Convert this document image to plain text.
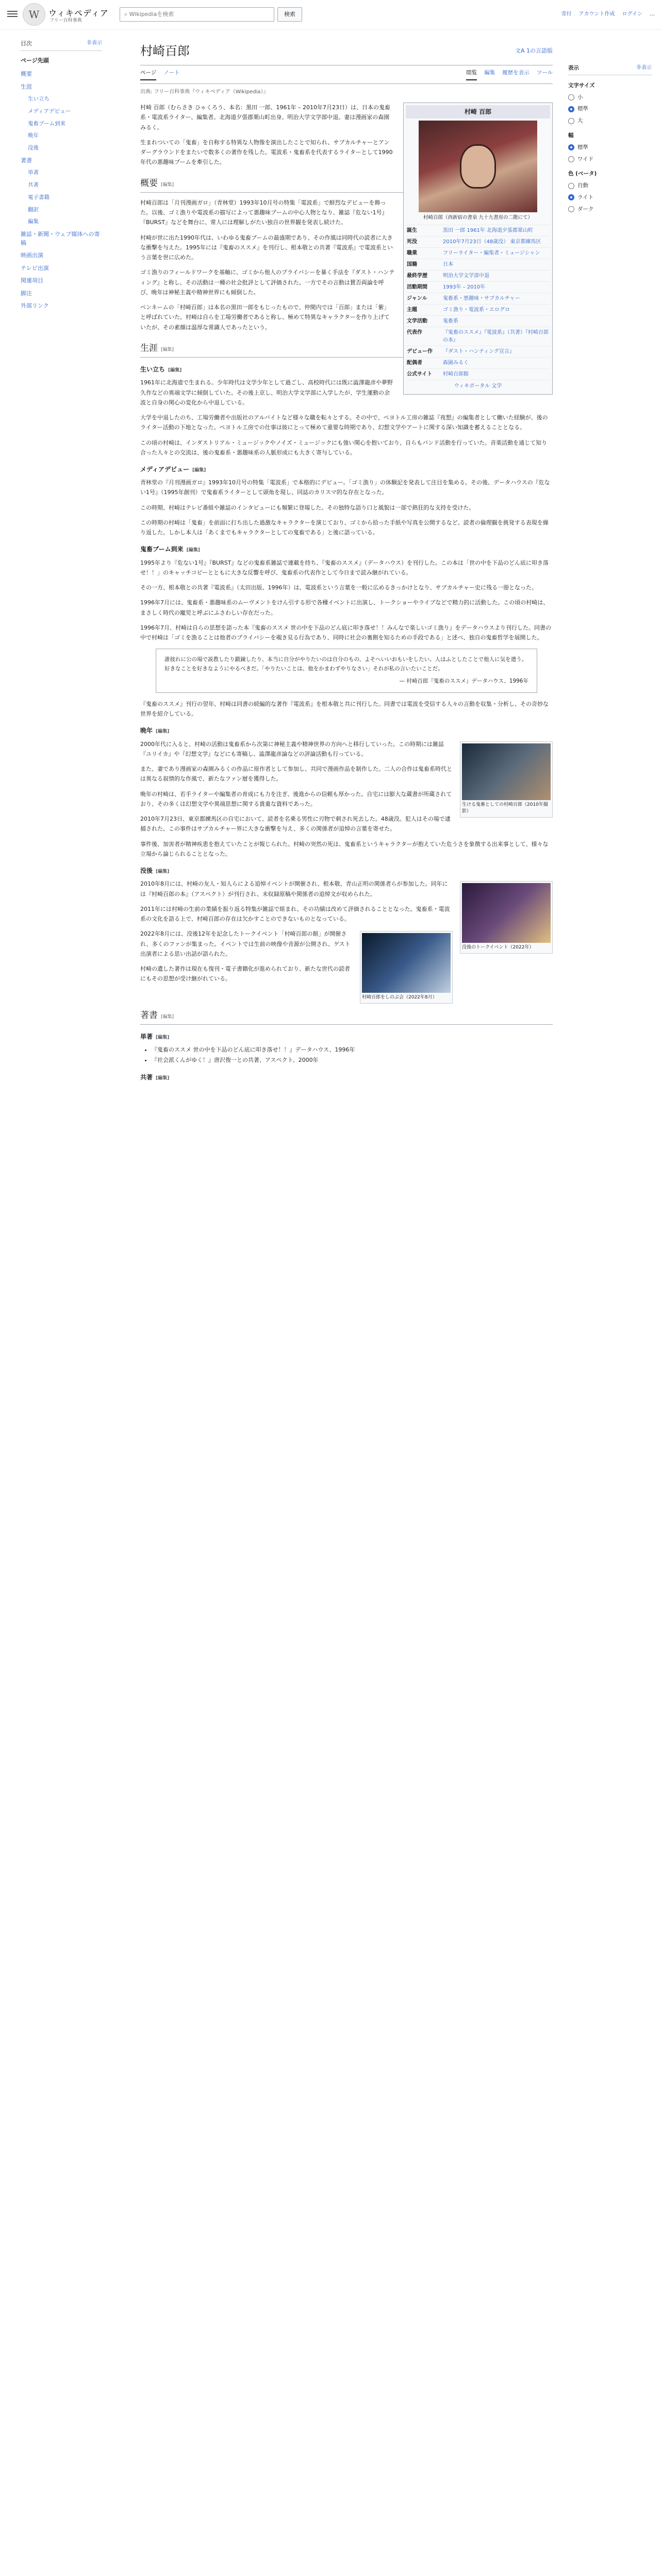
W	ウィキペディア
フリー百科事典
⌕ Wikipediaを検索	検索	寄付 アカウント作成 ログイン …
目次	非表示
ページ先頭
概要
生涯
生い立ち
メディアデビュー
鬼畜ブーム到来
晩年
没後
著書
単著
共著
電子書籍
翻訳
編集
雑誌・新聞・ウェブ媒体への寄稿
映画出演
テレビ出演
関連項目
脚注
外部リンク
表示	非表示
文字サイズ
小
標準
大
幅
標準
ワイド
色 (ベータ)
自動
ライト
ダーク
村崎百郎	文A 1の言語版
ページ ノート	閲覧 編集 履歴を表示 ツール
出典: フリー百科事典『ウィキペディア（Wikipedia）』
村崎 百郎
村崎百郎（西新宿の書泉 九十九書房の二階にて）
誕生	黒田 一郎 1961年 北海道夕張郡栗山町
死没	2010年7月23日（48歳没） 東京都練馬区
職業	フリーライター・編集者・ミュージシャン
国籍	日本
最終学歴	明治大学文学部中退
活動期間	1993年 – 2010年
ジャンル	鬼畜系・悪趣味・サブカルチャー
主題	ゴミ漁り・電波系・エログロ
文学活動	鬼畜系
代表作	『鬼畜のススメ』『電波系』（共著）『村崎百郎の本』
デビュー作	『ダスト・ハンティング宣言』
配偶者	森園みるく
公式サイト	村崎百郎館
ウィキポータル 文学

村崎 百郎（むらさき ひゃくろう、本名：黒田 一郎、1961年 – 2010年7月23日）は、日本の鬼畜系・電波系ライター、編集者。北海道夕張郡栗山町出身。明治大学文学部中退。妻は漫画家の森園みるく。

生まれついての「鬼畜」を自称する特異な人物像を演出したことで知られ、サブカルチャーとアンダーグラウンドをまたいで数多くの著作を残した。電波系・鬼畜系を代表するライターとして1990年代の悪趣味ブームを牽引した。

概要 [編集]

村崎百郎は「月刊漫画ガロ」（青林堂）1993年10月号の特集「電波系」で鮮烈なデビューを飾った。以後、ゴミ漁りや電波系の描写によって悪趣味ブームの中心人物となり、雑誌『危ない1号』『BURST』などを舞台に、常人には理解しがたい独自の世界観を発表し続けた。

村崎が世に出た1990年代は、いわゆる鬼畜ブームの最盛期であり、その作風は同時代の読者に大きな衝撃を与えた。1995年には『鬼畜のススメ』を刊行し、根本敬との共著『電波系』で電波系という言葉を世に広めた。

ゴミ漁りのフィールドワークを基軸に、ゴミから他人のプライバシーを暴く手法を『ダスト・ハンティング』と称し、その活動は一種の社会批評として評価された。一方でその言動は賛否両論を呼び、晩年は神秘主義や精神世界にも傾倒した。

ペンネームの「村崎百郎」は本名の黒田一郎をもじったもので、仲間内では「百郎」または「紫」と呼ばれていた。村崎は自らを工場労働者であると称し、極めて特異なキャラクターを作り上げていたが、その素顔は温厚な常識人であったという。

生涯 [編集]
生い立ち [編集]

1961年に北海道で生まれる。少年時代は文学少年として過ごし、高校時代には既に澁澤龍彦や夢野久作などの異端文学に傾倒していた。その後上京し、明治大学文学部に入学したが、学生運動の余波と自身の関心の変化から中退している。

大学を中退したのち、工場労働者や出版社のアルバイトなど様々な職を転々とする。その中で、ペヨトル工房の雑誌『夜想』の編集者として働いた経験が、後のライター活動の下地となった。ペヨトル工房での仕事は彼にとって極めて重要な時期であり、幻想文学やアートに関する深い知識を蓄えることとなる。

この頃の村崎は、インダストリアル・ミュージックやノイズ・ミュージックにも強い関心を抱いており、自らもバンド活動を行っていた。音楽活動を通じて知り合った人々との交流は、後の鬼畜系・悪趣味系の人脈形成にも大きく寄与している。

メディアデビュー [編集]

青林堂の『月刊漫画ガロ』1993年10月号の特集「電波系」で本格的にデビュー。「ゴミ漁り」の体験記を発表して注目を集める。その後、データハウスの『危ない1号』（1995年創刊）で鬼畜系ライターとして頭角を現し、同誌のカリスマ的な存在となった。

この時期、村崎はテレビ番組や雑誌のインタビューにも頻繁に登場した。その独特な語り口と風貌は一部で熱狂的な支持を受けた。

この時期の村崎は「鬼畜」を前面に打ち出した過激なキャラクターを演じており、ゴミから拾った手紙や写真を公開するなど、読者の倫理観を挑発する表現を繰り返した。しかし本人は「あくまでもキャラクターとしての鬼畜である」と後に語っている。

鬼畜ブーム到来 [編集]

1995年より『危ない1号』『BURST』などの鬼畜系雑誌で連載を持ち、『鬼畜のススメ』（データハウス）を刊行した。この本は「世の中を下品のどん底に叩き落せ！！」のキャッチコピーとともに大きな反響を呼び、鬼畜系の代表作として今日まで読み継がれている。

その一方、根本敬との共著『電波系』（太田出版、1996年）は、電波系という言葉を一般に広めるきっかけとなり、サブカルチャー史に残る一冊となった。

1996年7月には、鬼畜系・悪趣味系のムーヴメントをけん引する形で各種イベントに出演し、トークショーやライブなどで精力的に活動した。この頃の村崎は、まさしく時代の寵児と呼ぶにふさわしい存在だった。

1996年7月、村崎は自らの思想を語った本『鬼畜のススメ 世の中を下品のどん底に叩き落せ！！みんなで楽しいゴミ漁り』をデータハウスより刊行した。同書の中で村崎は「ゴミを漁ることは他者のプライバシーを覗き見る行為であり、同時に社会の裏側を知るための手段である」と述べ、独自の鬼畜哲学を展開した。

誰彼れに公の場で説教したり鍛錬したり、本当に自分がやりたいのは自分のもの、よそへいいおもいをしたい。人はふとしたことで他人に気を遣う。好きなことを好きなようにやるべきだ。「やりたいことは、他をかまわずやりなさい」それが私の言いたいことだ。
— 村崎百郎『鬼畜のススメ』データハウス、1996年

『鬼畜のススメ』刊行の翌年、村崎は同書の続編的な著作『電波系』を根本敬と共に刊行した。同書では電波を受信する人々の言動を収集・分析し、その奇妙な世界を紹介している。

晩年 [編集]
生ける鬼畜としての村崎百郎（2010年撮影）

2000年代に入ると、村崎の活動は鬼畜系から次第に神秘主義や精神世界の方向へと移行していった。この時期には雑誌『ユリイカ』や『幻想文学』などにも寄稿し、澁澤龍彦論などの評論活動も行っている。

また、妻であり漫画家の森園みるくの作品に原作者として参加し、共同で漫画作品を制作した。二人の合作は鬼畜系時代とは異なる叙情的な作風で、新たなファン層を獲得した。

晩年の村崎は、若手ライターや編集者の育成にも力を注ぎ、後進からの信頼も厚かった。自宅には膨大な蔵書が所蔵されており、その多くは幻想文学や異端思想に関する貴重な資料であった。

2010年7月23日、東京都練馬区の自宅において、読者を名乗る男性に刃物で刺され死去した。48歳没。犯人はその場で逮捕された。この事件はサブカルチャー界に大きな衝撃を与え、多くの関係者が追悼の言葉を寄せた。

事件後、加害者が精神疾患を抱えていたことが報じられた。村崎の突然の死は、鬼畜系というキャラクターが抱えていた危うさを象徴する出来事として、様々な立場から論じられることとなった。

没後 [編集]
没後のトークイベント（2022年）

2010年8月には、村崎の友人・知人らによる追悼イベントが開催され、根本敬、青山正明の関係者らが参加した。同年には『村崎百郎の本』（アスペクト）が刊行され、未収録原稿や関係者の追悼文が収められた。

2011年には村崎の生前の業績を振り返る特集が雑誌で組まれ、その功績は改めて評価されることとなった。鬼畜系・電波系の文化を語る上で、村崎百郎の存在は欠かすことのできないものとなっている。

村崎百郎をしのぶ会（2022年8月）

2022年8月には、没後12年を記念したトークイベント「村崎百郎の館」が開催され、多くのファンが集まった。イベントでは生前の映像や音源が公開され、ゲスト出演者による思い出話が語られた。

村崎の遺した著作は現在も復刊・電子書籍化が進められており、新たな世代の読者にもその思想が受け継がれている。

著書 [編集]
単著 [編集]
• 『鬼畜のススメ 世の中を下品のどん底に叩き落せ！！』データハウス、1996年
• 『社会派くんがゆく！』唐沢俊一との共著、アスペクト、2000年
共著 [編集]
